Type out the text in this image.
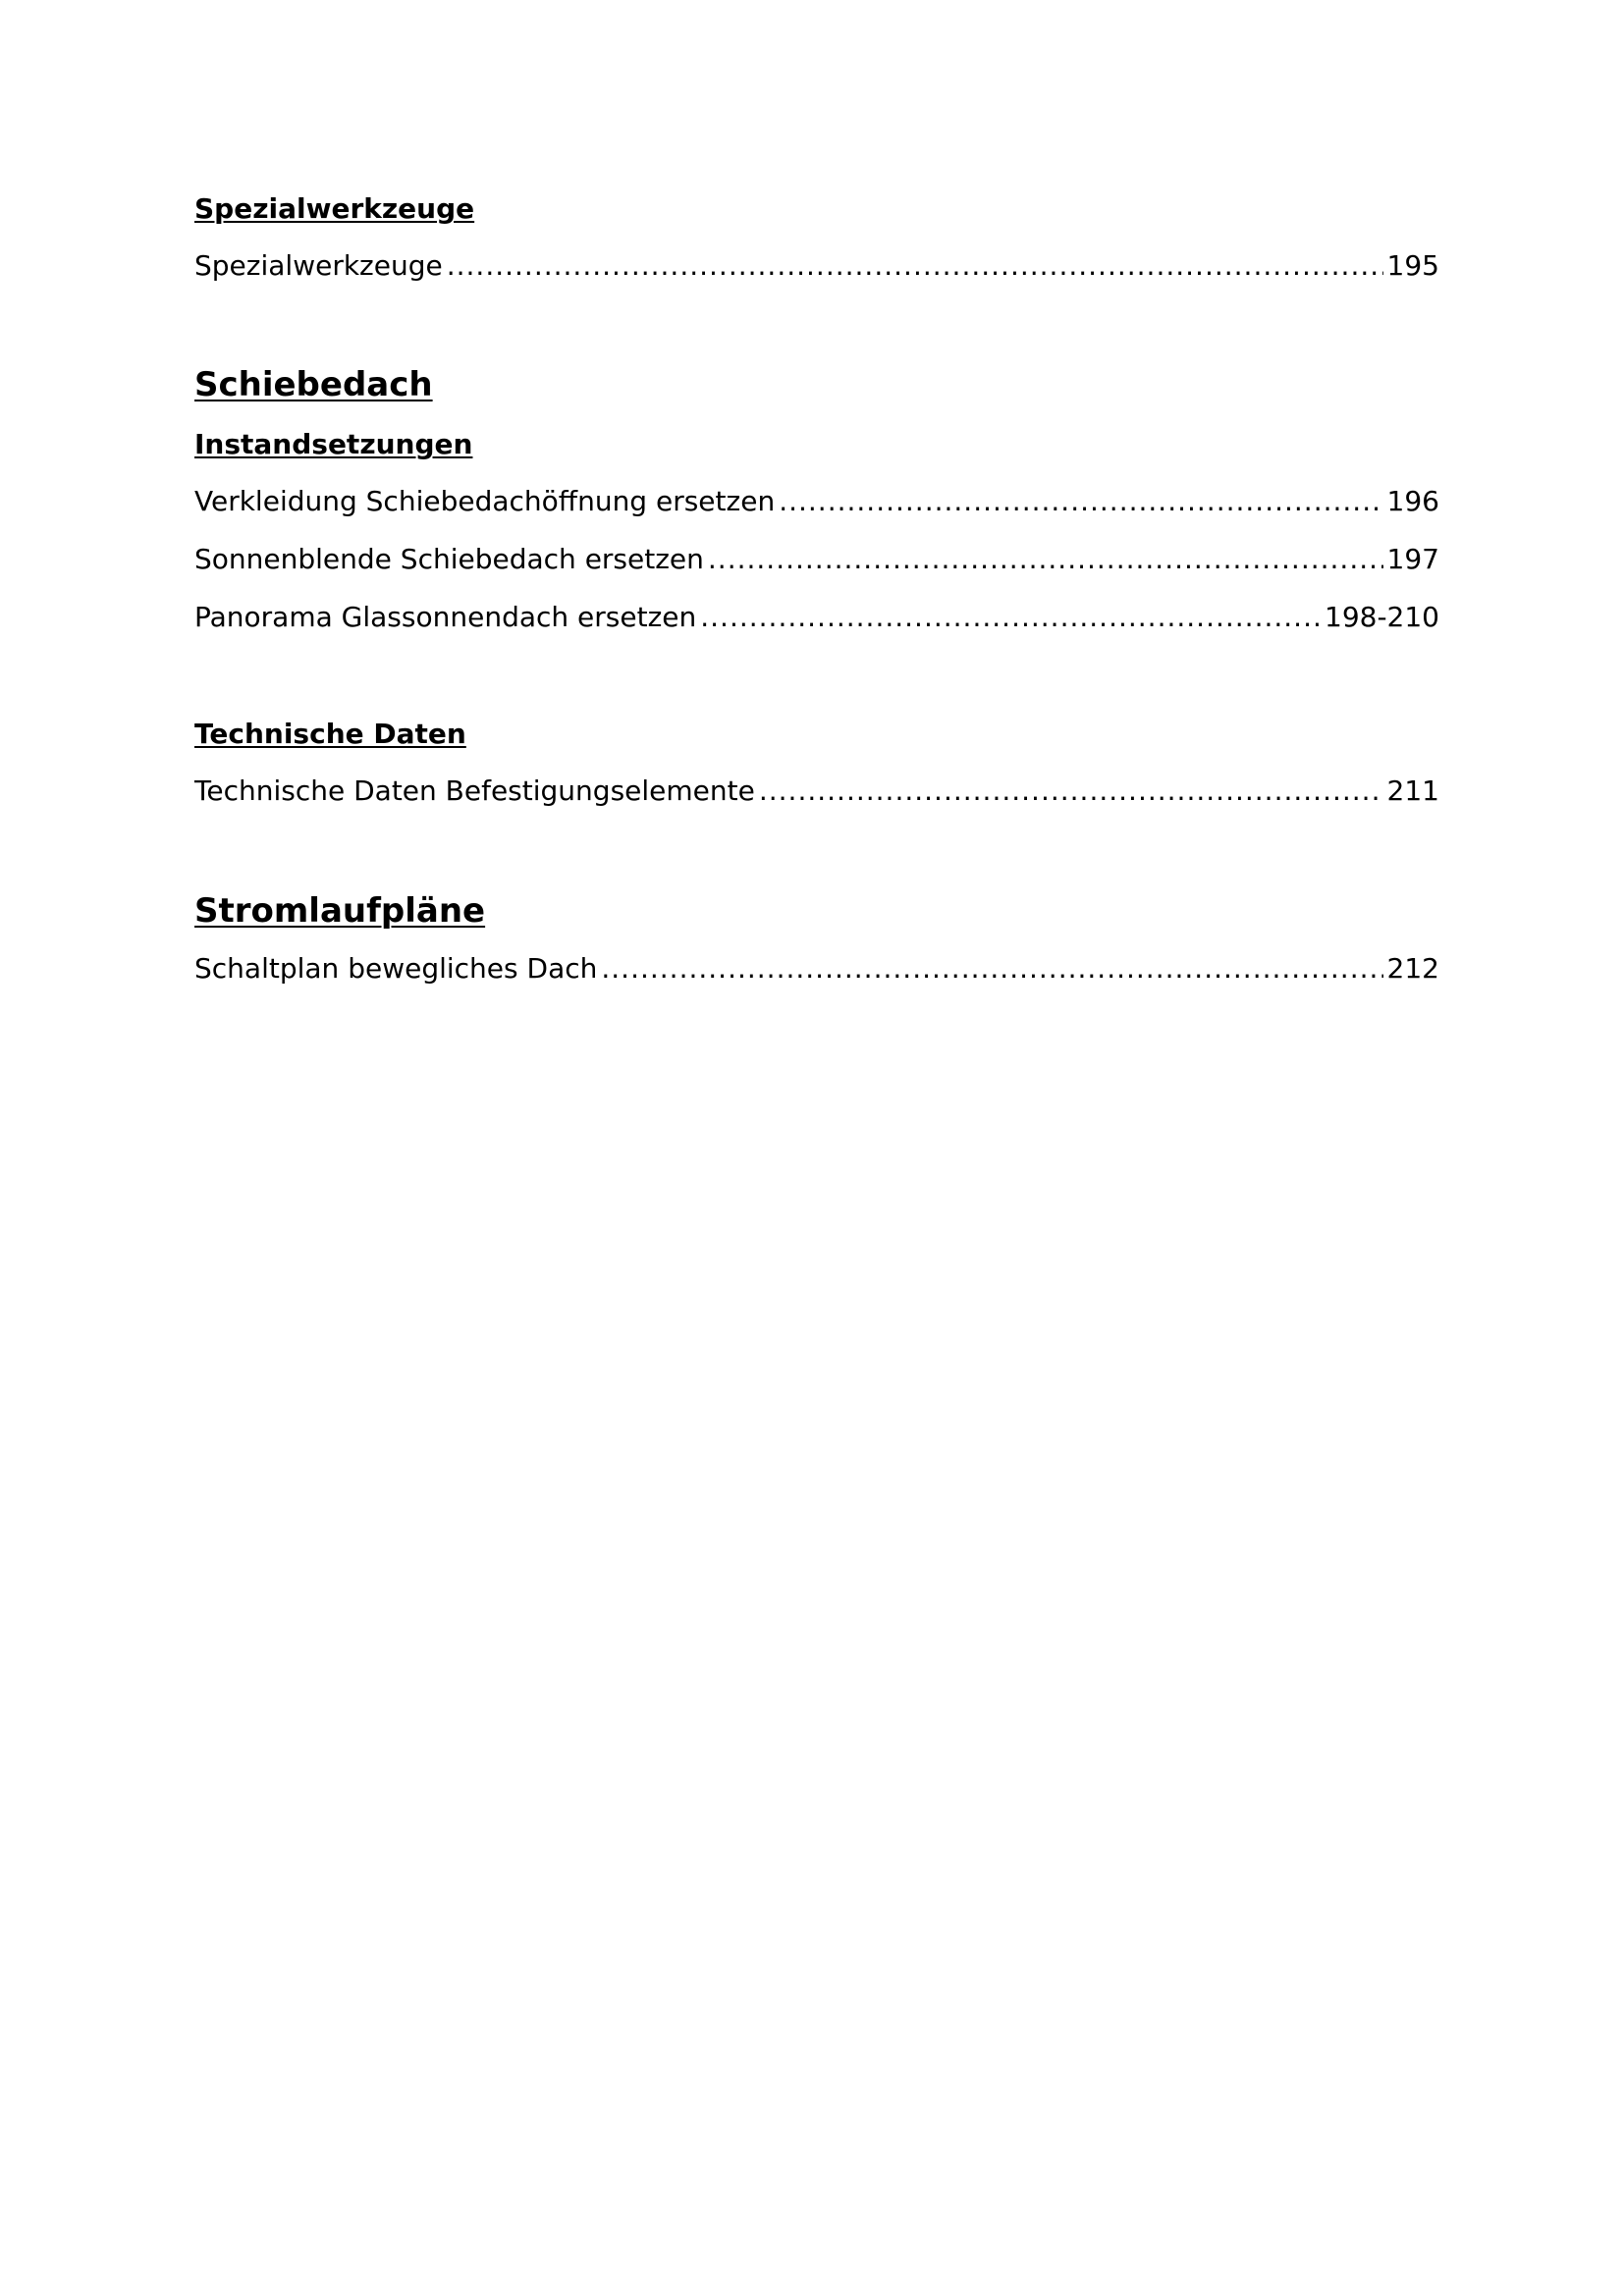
Spezialwerkzeuge
Spezialwerkzeuge .....	195
Schiebedach
Instandsetzungen
Verkleidung Schiebedachöffnung ersetzen .....	196
Sonnenblende Schiebedach ersetzen .....	197
Panorama Glassonnendach ersetzen .....	198-210
Technische Daten
Technische Daten Befestigungselemente .....	211
Stromlaufpläne
Schaltplan bewegliches Dach .....	212
